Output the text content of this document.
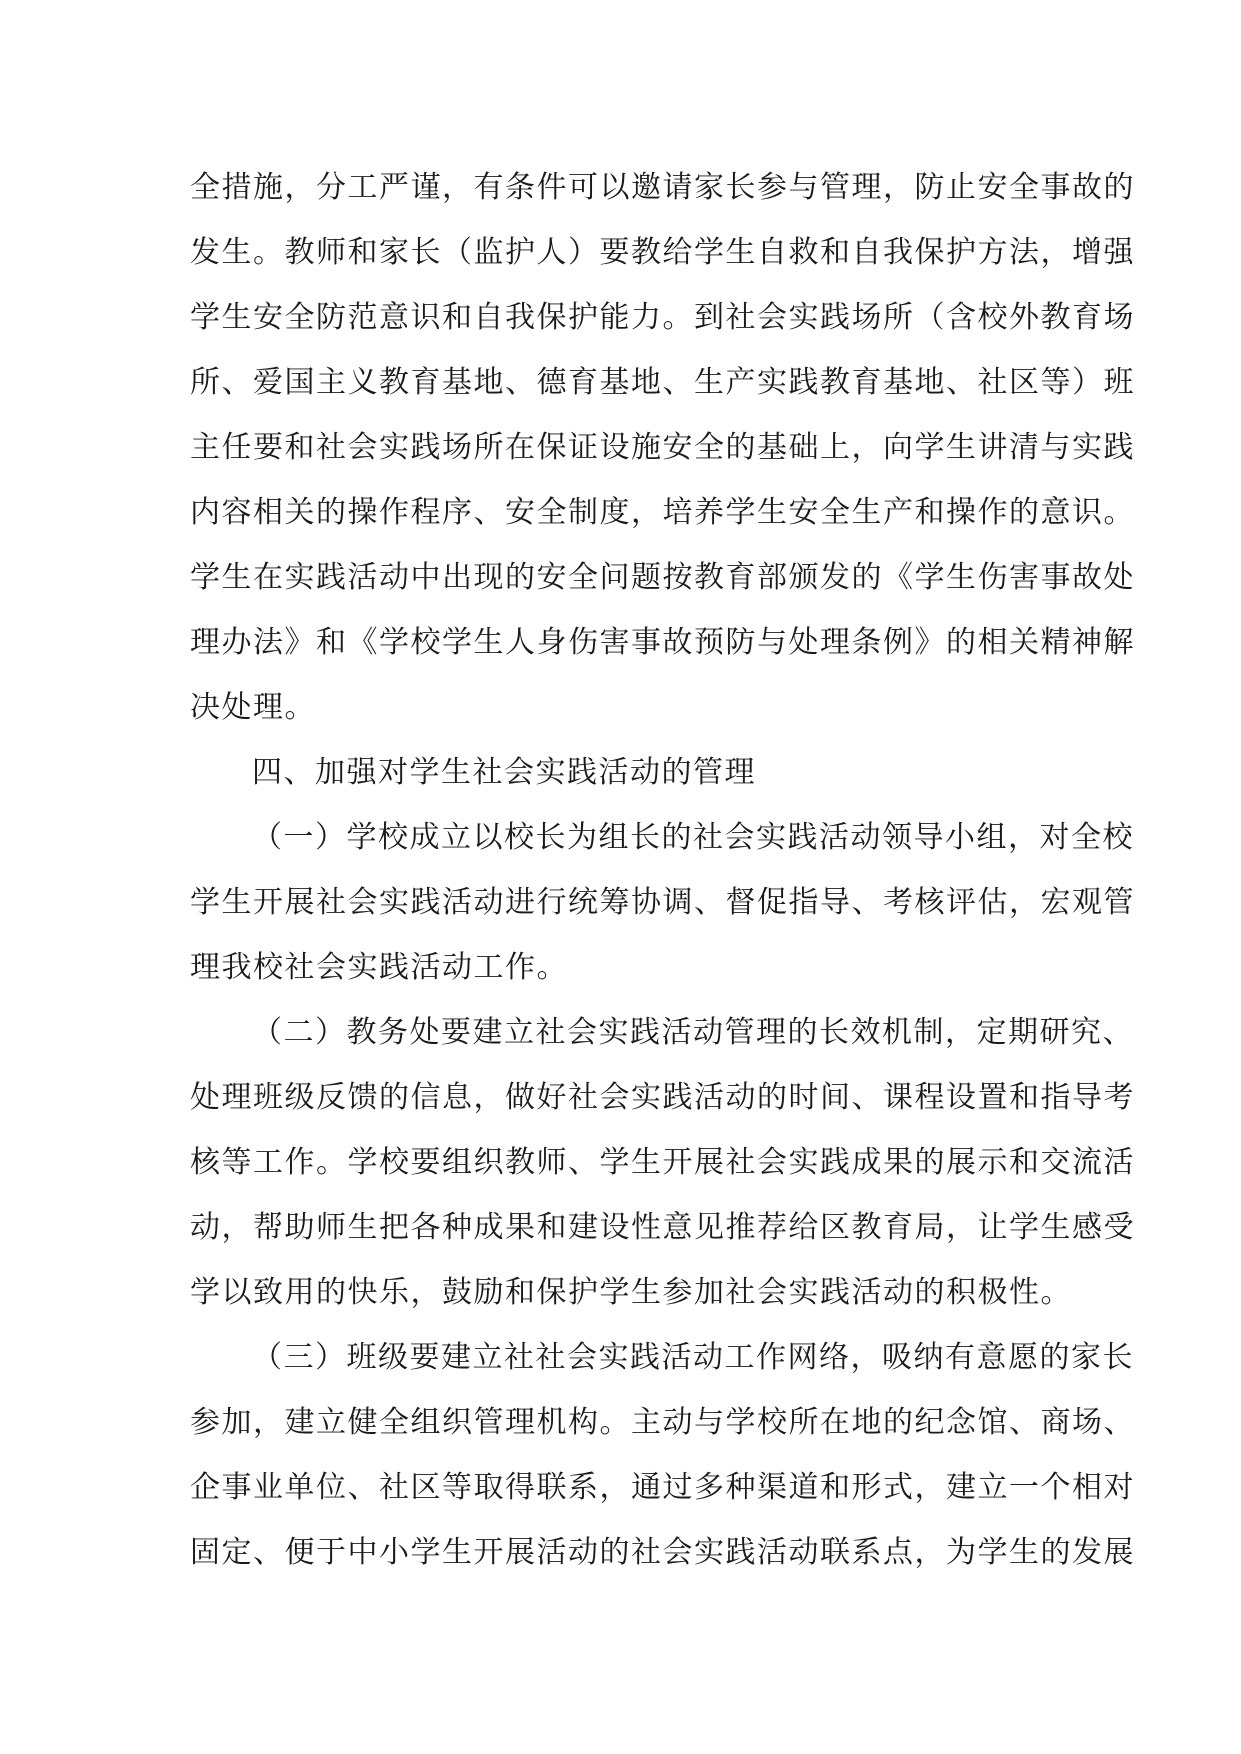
全措施，分工严谨，有条件可以邀请家长参与管理，防止安全事故的
发生。教师和家长（监护人）要教给学生自救和自我保护方法，增强
学生安全防范意识和自我保护能力。到社会实践场所（含校外教育场
所、爱国主义教育基地、德育基地、生产实践教育基地、社区等）班
主任要和社会实践场所在保证设施安全的基础上，向学生讲清与实践
内容相关的操作程序、安全制度，培养学生安全生产和操作的意识。
学生在实践活动中出现的安全问题按教育部颁发的《学生伤害事故处
理办法》和《学校学生人身伤害事故预防与处理条例》的相关精神解
决处理。
四、加强对学生社会实践活动的管理
（一）学校成立以校长为组长的社会实践活动领导小组，对全校
学生开展社会实践活动进行统筹协调、督促指导、考核评估，宏观管
理我校社会实践活动工作。
（二）教务处要建立社会实践活动管理的长效机制，定期研究、
处理班级反馈的信息，做好社会实践活动的时间、课程设置和指导考
核等工作。学校要组织教师、学生开展社会实践成果的展示和交流活
动，帮助师生把各种成果和建设性意见推荐给区教育局，让学生感受
学以致用的快乐，鼓励和保护学生参加社会实践活动的积极性。
（三）班级要建立社社会实践活动工作网络，吸纳有意愿的家长
参加，建立健全组织管理机构。主动与学校所在地的纪念馆、商场、
企事业单位、社区等取得联系，通过多种渠道和形式，建立一个相对
固定、便于中小学生开展活动的社会实践活动联系点，为学生的发展
